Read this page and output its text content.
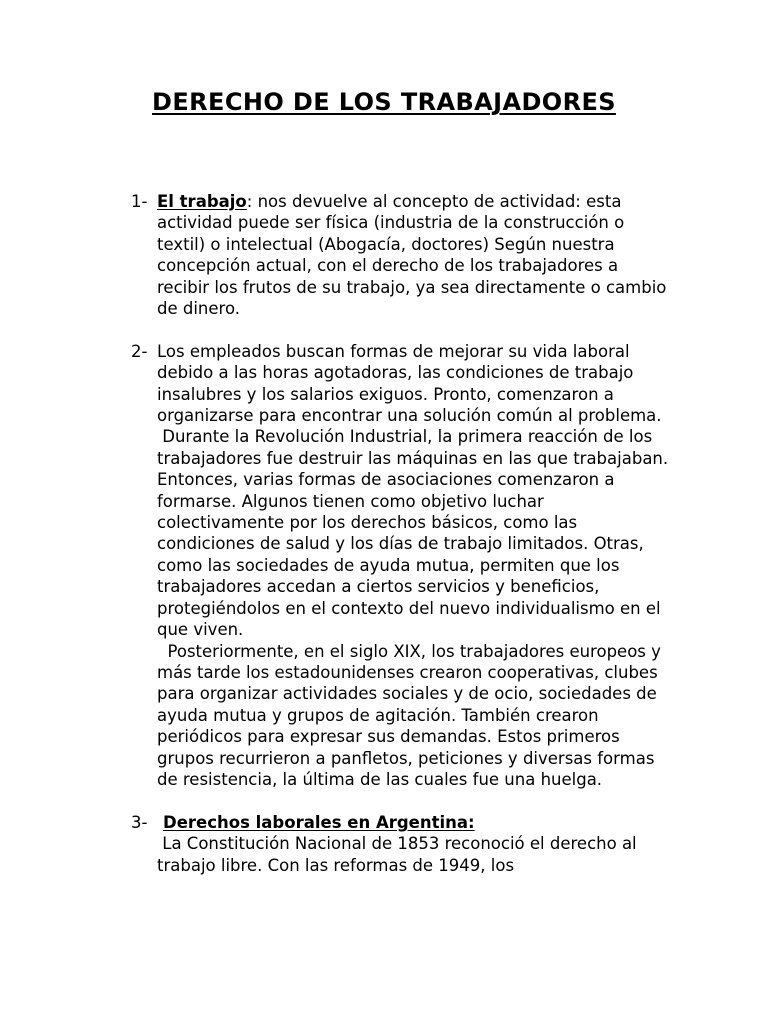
DERECHO DE LOS TRABAJADORES
1- El trabajo: nos devuelve al concepto de actividad: esta actividad puede ser física (industria de la construcción o textil) o intelectual (Abogacía, doctores) Según nuestra concepción actual, con el derecho de los trabajadores a recibir los frutos de su trabajo, ya sea directamente o cambio de dinero.

2- Los empleados buscan formas de mejorar su vida laboral debido a las horas agotadoras, las condiciones de trabajo insalubres y los salarios exiguos. Pronto, comenzaron a organizarse para encontrar una solución común al problema.

Durante la Revolución Industrial, la primera reacción de los trabajadores fue destruir las máquinas en las que trabajaban. Entonces, varias formas de asociaciones comenzaron a formarse. Algunos tienen como objetivo luchar colectivamente por los derechos básicos, como las condiciones de salud y los días de trabajo limitados. Otras, como las sociedades de ayuda mutua, permiten que los trabajadores accedan a ciertos servicios y beneficios, protegiéndolos en el contexto del nuevo individualismo en el que viven.

Posteriormente, en el siglo XIX, los trabajadores europeos y más tarde los estadounidenses crearon cooperativas, clubes para organizar actividades sociales y de ocio, sociedades de ayuda mutua y grupos de agitación. También crearon periódicos para expresar sus demandas. Estos primeros grupos recurrieron a panfletos, peticiones y diversas formas de resistencia, la última de las cuales fue una huelga.

3- Derechos laborales en Argentina:

La Constitución Nacional de 1853 reconoció el derecho al trabajo libre. Con las reformas de 1949, los
